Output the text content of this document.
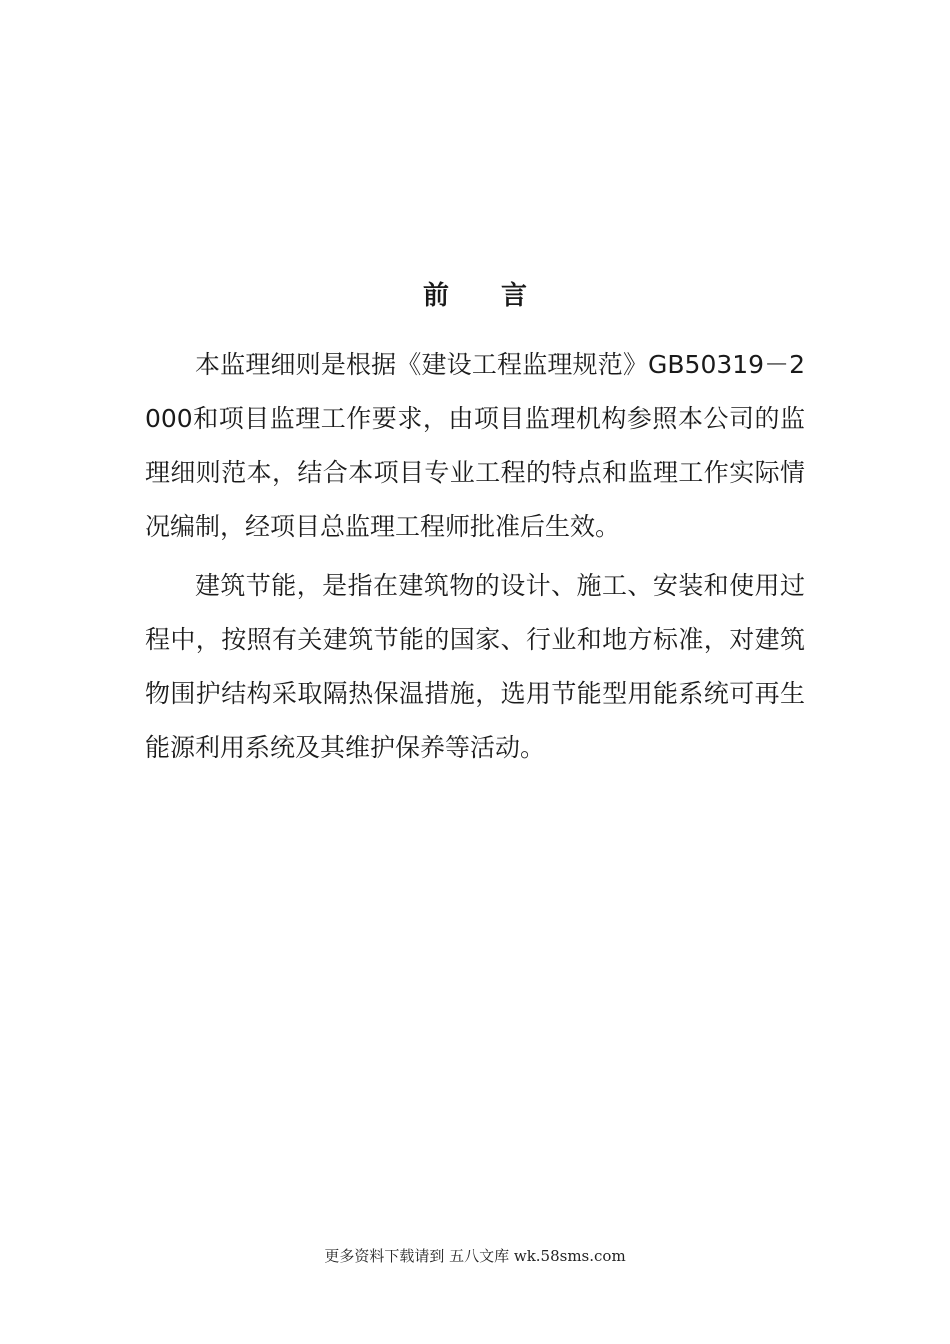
前言

本监理细则是根据《建设工程监理规范》GB50319－2000和项目监理工作要求，由项目监理机构参照本公司的监理细则范本，结合本项目专业工程的特点和监理工作实际情况编制，经项目总监理工程师批准后生效。

建筑节能，是指在建筑物的设计、施工、安装和使用过程中，按照有关建筑节能的国家、行业和地方标准，对建筑物围护结构采取隔热保温措施，选用节能型用能系统可再生能源利用系统及其维护保养等活动。

更多资料下载请到 五八文库 wk.58sms.com
